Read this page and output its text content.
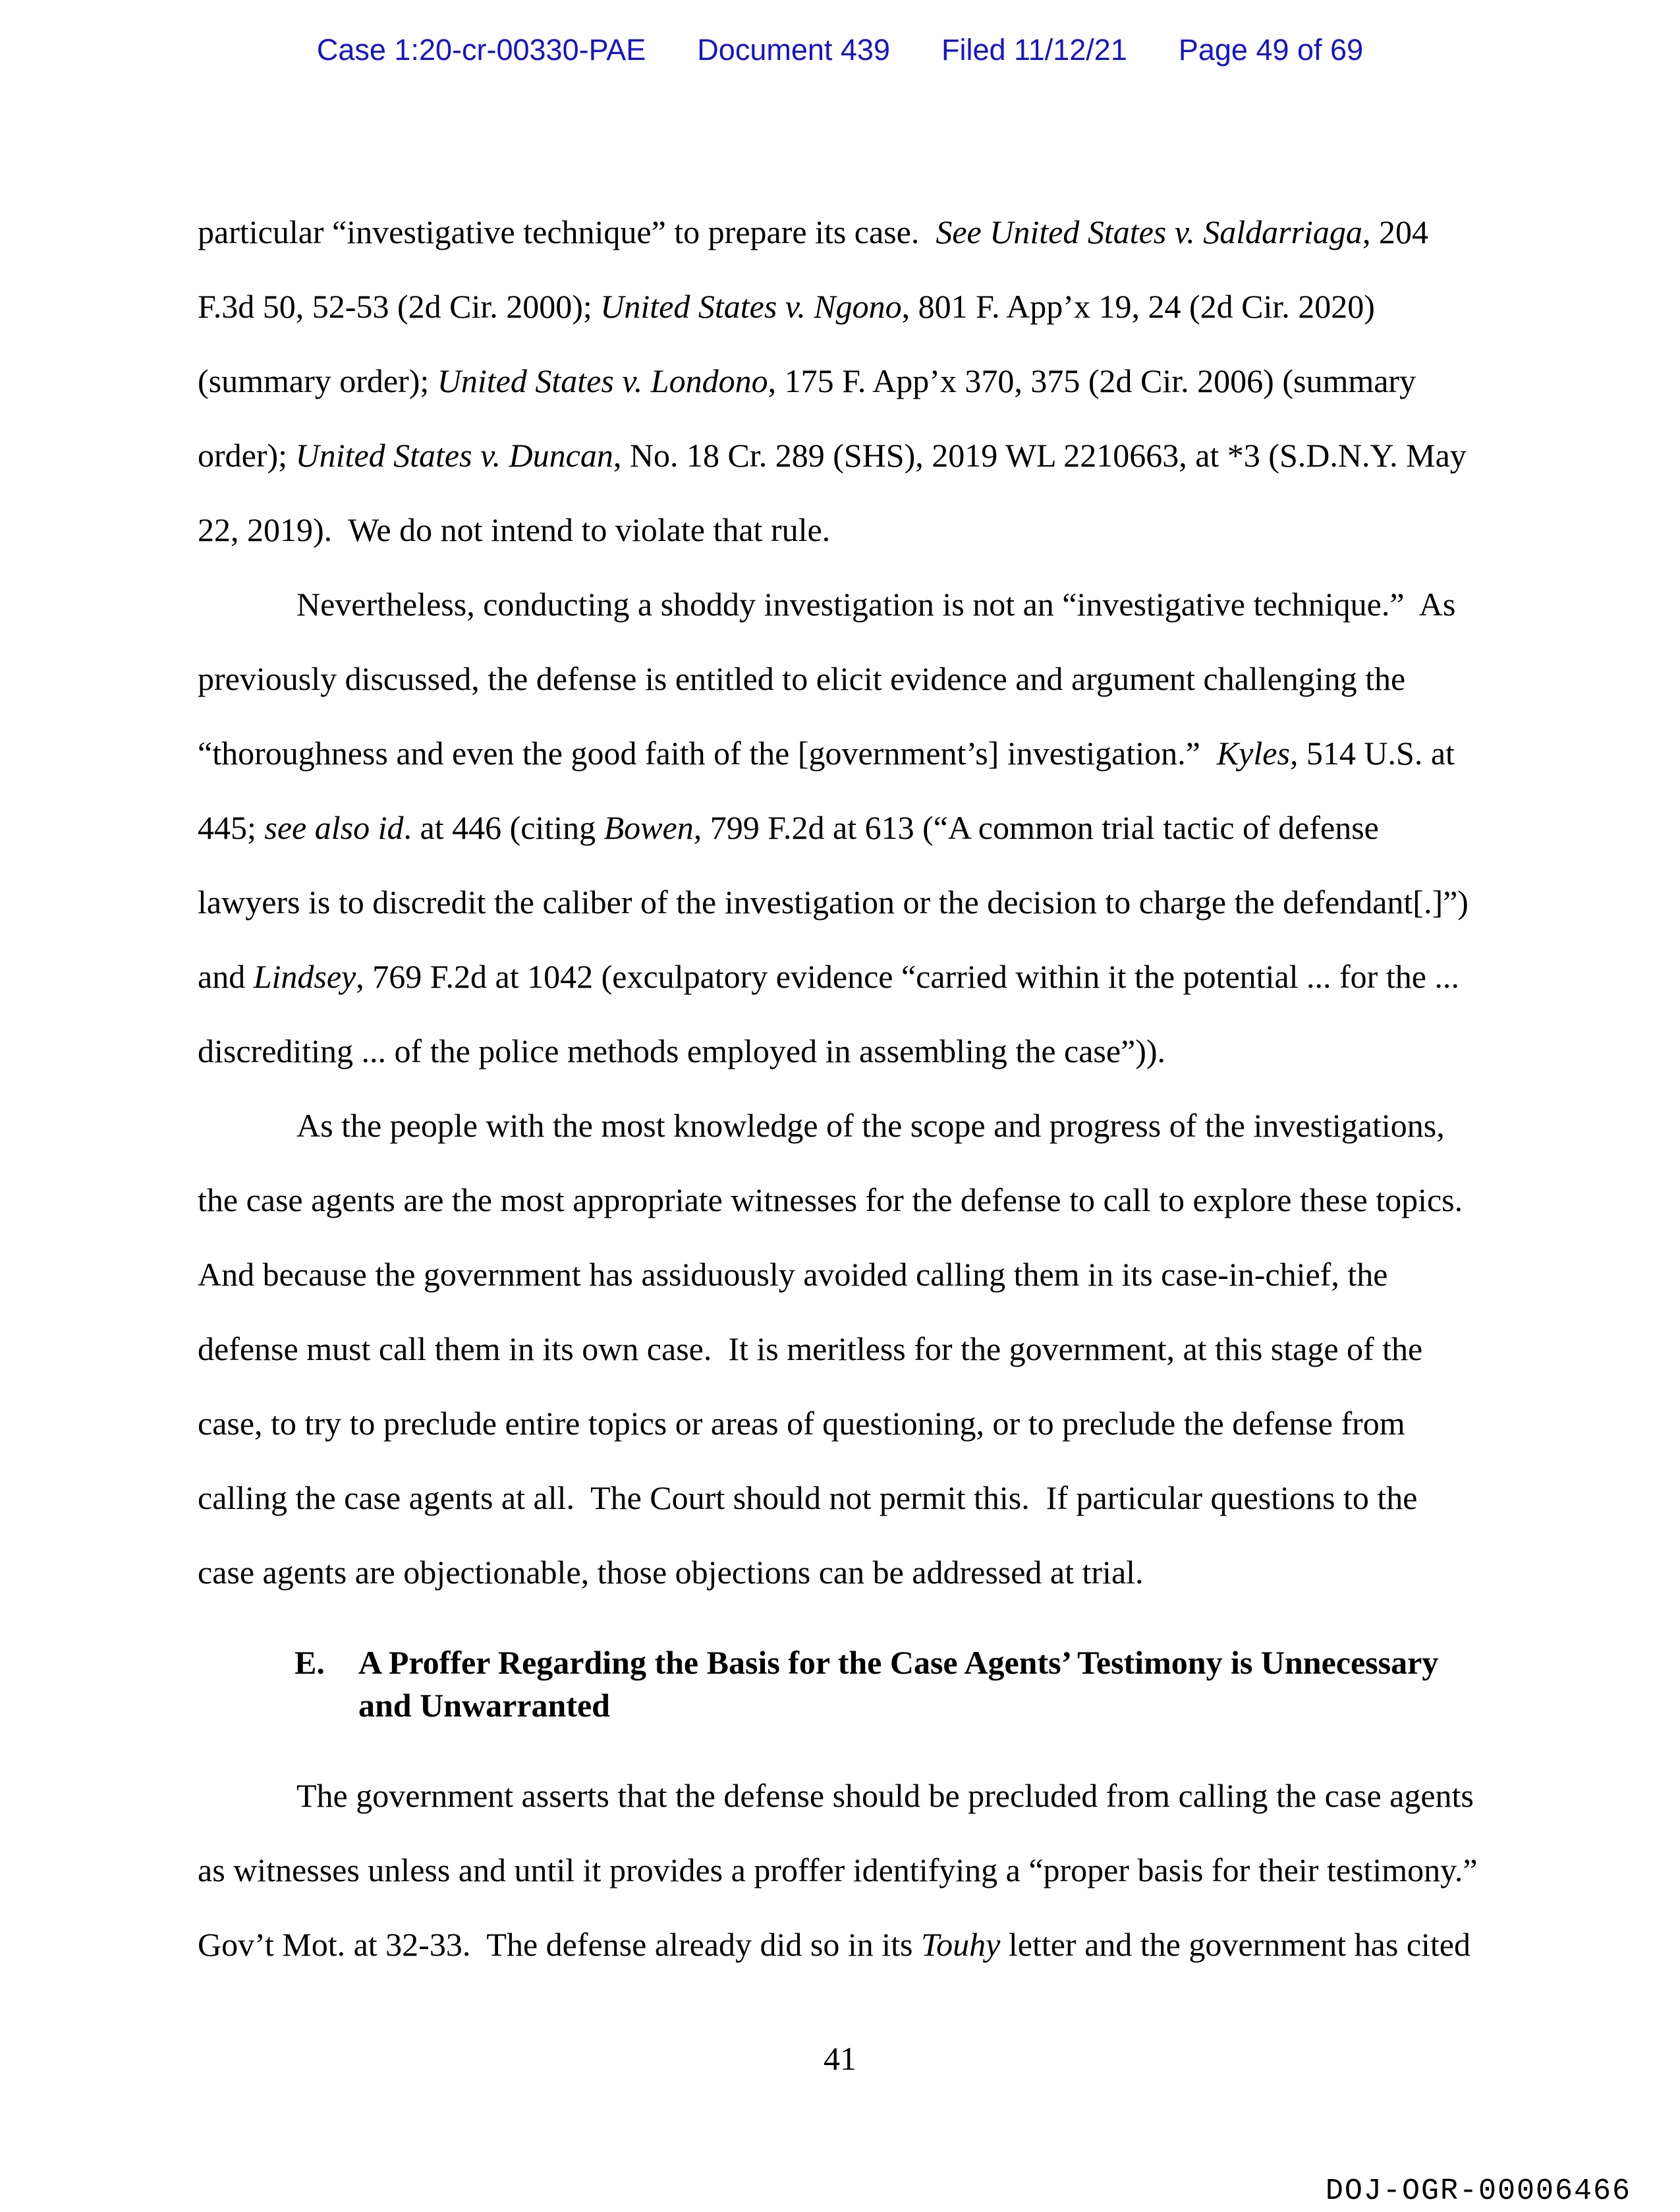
Case 1:20-cr-00330-PAE Document 439 Filed 11/12/21 Page 49 of 69
particular “investigative technique” to prepare its case.  See United States v. Saldarriaga, 204
F.3d 50, 52-53 (2d Cir. 2000); United States v. Ngono, 801 F. App’x 19, 24 (2d Cir. 2020)
(summary order); United States v. Londono, 175 F. App’x 370, 375 (2d Cir. 2006) (summary
order); United States v. Duncan, No. 18 Cr. 289 (SHS), 2019 WL 2210663, at *3 (S.D.N.Y. May
22, 2019).  We do not intend to violate that rule.
Nevertheless, conducting a shoddy investigation is not an “investigative technique.”  As
previously discussed, the defense is entitled to elicit evidence and argument challenging the
“thoroughness and even the good faith of the [government’s] investigation.”  Kyles, 514 U.S. at
445; see also id. at 446 (citing Bowen, 799 F.2d at 613 (“A common trial tactic of defense
lawyers is to discredit the caliber of the investigation or the decision to charge the defendant[.]”)
and Lindsey, 769 F.2d at 1042 (exculpatory evidence “carried within it the potential ... for the ...
discrediting ... of the police methods employed in assembling the case”)).
As the people with the most knowledge of the scope and progress of the investigations,
the case agents are the most appropriate witnesses for the defense to call to explore these topics.
And because the government has assiduously avoided calling them in its case-in-chief, the
defense must call them in its own case.  It is meritless for the government, at this stage of the
case, to try to preclude entire topics or areas of questioning, or to preclude the defense from
calling the case agents at all.  The Court should not permit this.  If particular questions to the
case agents are objectionable, those objections can be addressed at trial.
E.	A Proffer Regarding the Basis for the Case Agents’ Testimony is Unnecessary
and Unwarranted
The government asserts that the defense should be precluded from calling the case agents
as witnesses unless and until it provides a proffer identifying a “proper basis for their testimony.”
Gov’t Mot. at 32-33.  The defense already did so in its Touhy letter and the government has cited
41
DOJ-OGR-00006466
